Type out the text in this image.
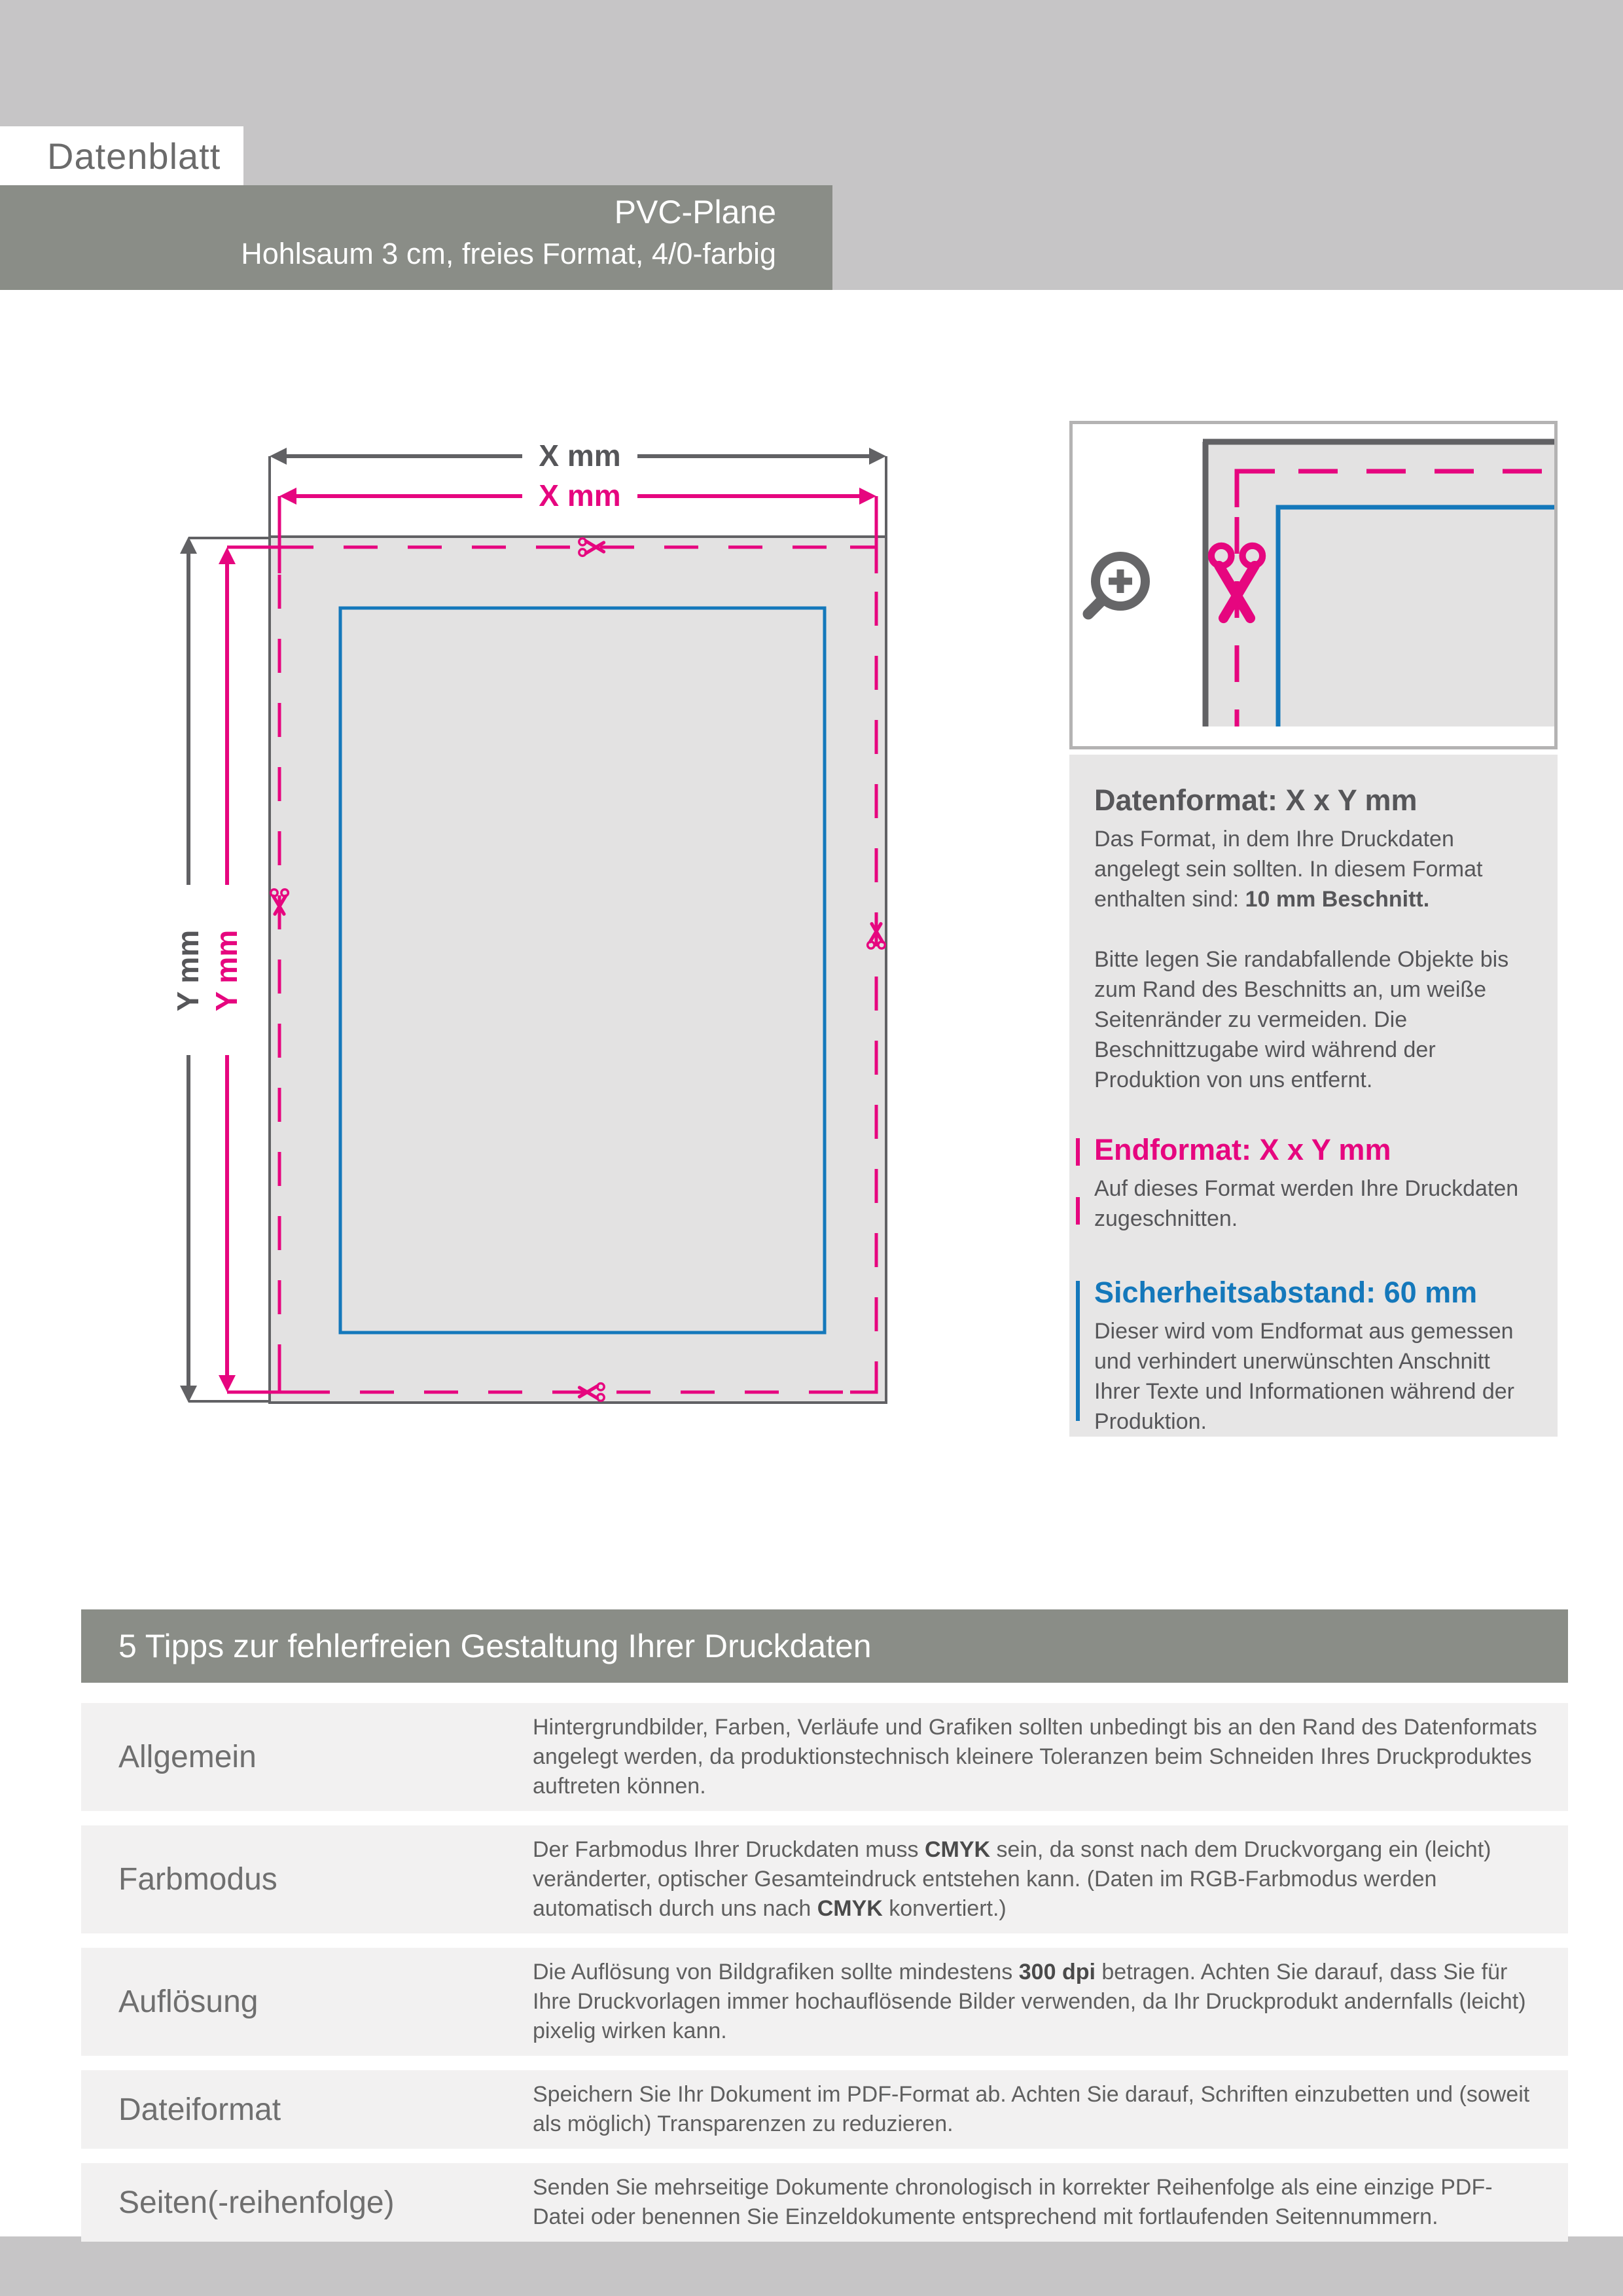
Datenblatt
PVC-Plane
Hohlsaum 3 cm, freies Format, 4/0-farbig
X mm
Y mm
X mm
Y mm
Datenformat: X x Y mm

Das Format, in dem Ihre Druckdaten angelegt sein sollten. In diesem Format enthalten sind: 10 mm Beschnitt.

Bitte legen Sie randabfallende Objekte bis zum Rand des Beschnitts an, um weiße Seitenränder zu vermeiden. Die Beschnittzugabe wird während der Produktion von uns entfernt.

Endformat: X x Y mm

Auf dieses Format werden Ihre Druckdaten zugeschnitten.

Sicherheitsabstand: 60 mm

Dieser wird vom Endformat aus gemessen und verhindert unerwünschten Anschnitt Ihrer Texte und Informationen während der Produktion.

5 Tipps zur fehlerfreien Gestaltung Ihrer Druckdaten
Allgemein
Hintergrundbilder, Farben, Verläufe und Grafiken sollten unbedingt bis an den Rand des Datenformats angelegt werden, da produktionstechnisch kleinere Toleranzen beim Schneiden Ihres Druckproduktes auftreten können.
Farbmodus
Der Farbmodus Ihrer Druckdaten muss CMYK sein, da sonst nach dem Druckvorgang ein (leicht) veränderter, optischer Gesamteindruck entstehen kann. (Daten im RGB-Farbmodus werden automatisch durch uns nach CMYK konvertiert.)
Auflösung
Die Auflösung von Bildgrafiken sollte mindestens 300 dpi betragen. Achten Sie darauf, dass Sie für Ihre Druckvorlagen immer hochauflösende Bilder verwenden, da Ihr Druckprodukt andernfalls (leicht) pixelig wirken kann.
Dateiformat	Speichern Sie Ihr Dokument im PDF-Format ab. Achten Sie darauf, Schriften einzubetten und (soweit als möglich) Transparenzen zu reduzieren.
Seiten(-reihenfolge)	Senden Sie mehrseitige Dokumente chronologisch in korrekter Reihenfolge als eine einzige PDF-Datei oder benennen Sie Einzeldokumente entsprechend mit fortlaufenden Seitennummern.
